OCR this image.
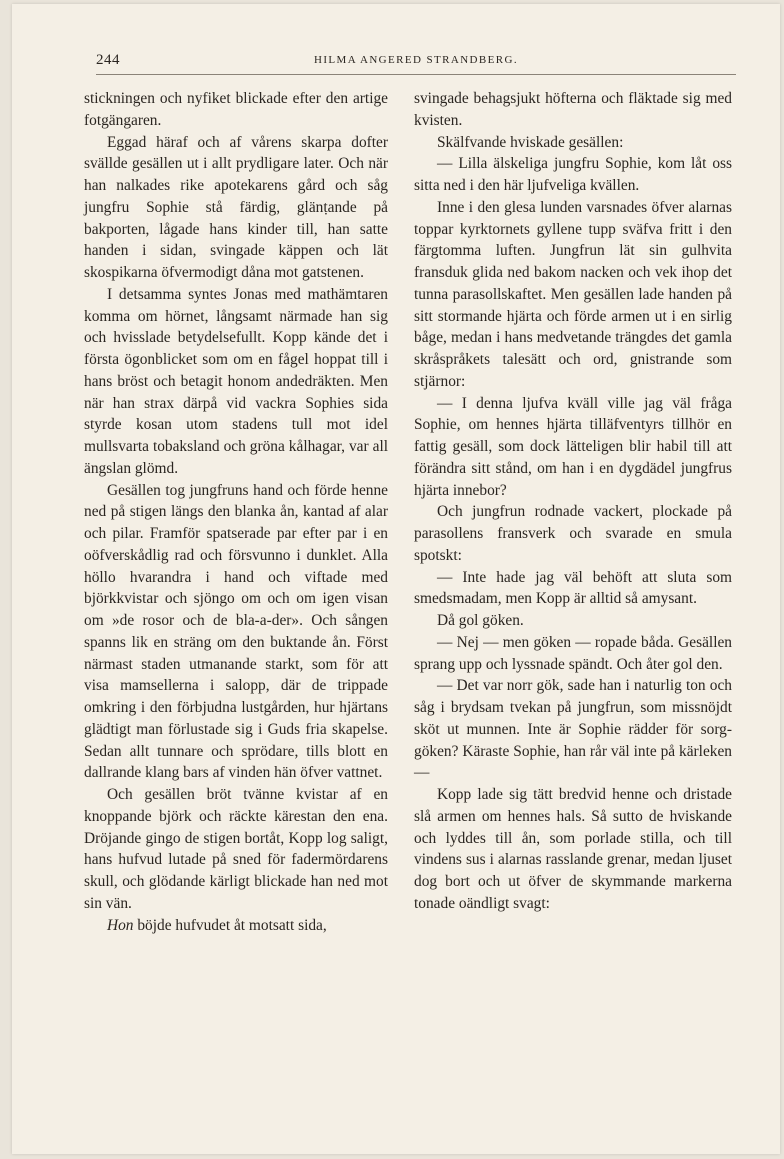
244	HILMA ANGERED STRANDBERG.

stickningen och nyfiket blickade efter den artige fotgängaren.

Eggad häraf och af vårens skarpa dofter svällde gesällen ut i allt prydligare later. Och när han nalkades rike apotekarens gård och såg jungfru Sophie stå färdig, glänṭande på bakporten, lågade hans kinder till, han satte handen i sidan, svingade käppen och lät skospikarna öfvermodigt dåna mot gatstenen.

I detsamma syntes Jonas med mathämtaren komma om hörnet, långsamt närmade han sig och hvisslade betydelsefullt. Kopp kände det i första ögonblicket som om en fågel hoppat till i hans bröst och betagit honom andedräkten. Men när han strax därpå vid vackra Sophies sida styrde kosan utom stadens tull mot idel mullsvarta tobaksland och gröna kålhagar, var all ängslan glömd.

Gesällen tog jungfruns hand och förde henne ned på stigen längs den blanka ån, kantad af alar och pilar. Framför spatserade par efter par i en oöfverskådlig rad och försvunno i dunklet. Alla höllo hvarandra i hand och viftade med björkkvistar och sjöngo om och om igen visan om »de rosor och de bla-a-der». Och sången spanns lik en sträng om den buktande ån. Först närmast staden utmanande starkt, som för att visa mamsellerna i salopp, där de trippade omkring i den förbjudna lustgården, hur hjärtans glädtigt man förlustade sig i Guds fria skapelse. Sedan allt tunnare och sprödare, tills blott en dallrande klang bars af vinden hän öfver vattnet.

Och gesällen bröt tvänne kvistar af en knoppande björk och räckte kärestan den ena. Dröjande gingo de stigen bortåt, Kopp log saligt, hans hufvud lutade på sned för fadermördarens skull, och glödande kärligt blickade han ned mot sin vän.

Hon böjde hufvudet åt motsatt sida,

svingade behagsjukt höfterna och fläktade sig med kvisten.

Skälfvande hviskade gesällen:

— Lilla älskeliga jungfru Sophie, kom låt oss sitta ned i den här ljufveliga kvällen.

Inne i den glesa lunden varsnades öfver alarnas toppar kyrktornets gyllene tupp sväfva fritt i den färgtomma luften. Jungfrun lät sin gulhvita fransduk glida ned bakom nacken och vek ihop det tunna parasollskaftet. Men gesällen lade handen på sitt stormande hjärta och förde armen ut i en sirlig båge, medan i hans medvetande trängdes det gamla skråspråkets talesätt och ord, gnistrande som stjärnor:

— I denna ljufva kväll ville jag väl fråga Sophie, om hennes hjärta tilläfventyrs tillhör en fattig gesäll, som dock lätteligen blir habil till att förändra sitt stånd, om han i en dygdädel jungfrus hjärta innebor?

Och jungfrun rodnade vackert, plockade på parasollens fransverk och svarade en smula spotskt:

— Inte hade jag väl behöft att sluta som smedsmadam, men Kopp är alltid så amysant.

Då gol göken.

— Nej — men göken — ropade båda. Gesällen sprang upp och lyssnade spändt. Och åter gol den.

— Det var norr gök, sade han i naturlig ton och såg i brydsam tvekan på jungfrun, som missnöjdt sköt ut munnen. Inte är Sophie rädder för sorg-göken? Käraste Sophie, han rår väl inte på kärleken —

Kopp lade sig tätt bredvid henne och dristade slå armen om hennes hals. Så sutto de hviskande och lyddes till ån, som porlade stilla, och till vindens sus i alarnas rasslande grenar, medan ljuset dog bort och ut öfver de skymmande markerna tonade oändligt svagt:
